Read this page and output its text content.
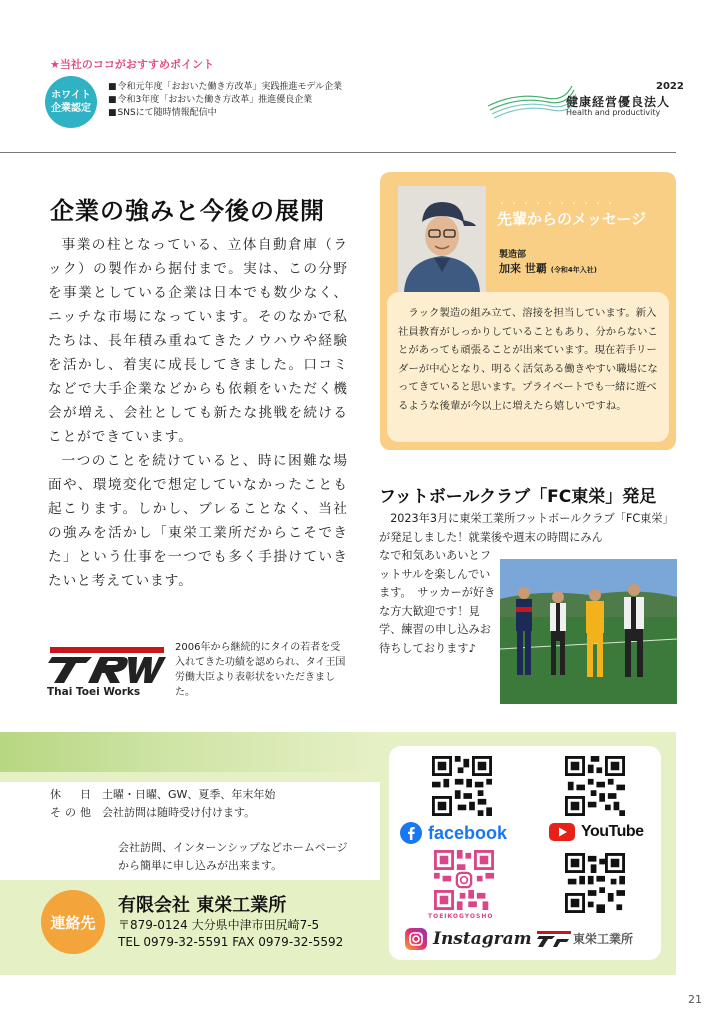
★当社のココがおすすめポイント
ホワイト
企業認定
■ 令和元年度「おおいた働き方改革」実践推進モデル企業
■ 令和3年度「おおいた働き方改革」推進優良企業
■ SNSにて随時情報配信中
2022
健康経営優良法人
Health and productivity
企業の強みと今後の展開

事業の柱となっている、立体自動倉庫（ラック）の製作から据付まで。実は、この分野を事業としている企業は日本でも数少なく、ニッチな市場になっています。そのなかで私たちは、長年積み重ねてきたノウハウや経験を活かし、着実に成長してきました。口コミなどで大手企業などからも依頼をいただく機会が増え、会社としても新たな挑戦を続けることができています。

一つのことを続けていると、時に困難な場面や、環境変化で想定していなかったことも起こります。しかし、ブレることなく、当社の強みを活かし「東栄工業所だからこそできた」という仕事を一つでも多く手掛けていきたいと考えています。

Thai Toei Works
2006年から継続的にタイの若者を受入れてきた功績を認められ、タイ王国労働大臣より表彰状をいただきました。
・・・・・・・・・・
先輩からのメッセージ
製造部
加来 世覇 (令和4年入社)

ラック製造の組み立て、溶接を担当しています。新入社員教育がしっかりしていることもあり、分からないことがあっても頑張ることが出来ています。現在若手リーダーが中心となり、明るく活気ある働きやすい職場になってきていると思います。プライベートでも一緒に遊べるような後輩が今以上に増えたら嬉しいですね。

フットボールクラブ「FC東栄」発足
2023年3月に東栄工業所フットボールクラブ「FC東栄」が発足しました！就業後や週末の時間にみん
なで和気あいあいとフットサルを楽しんでいます。　サッカーが好きな方大歓迎です！見学、練習の申し込みお待ちしております♪
休　日 土曜・日曜、GW、夏季、年末年始
その他 会社訪問は随時受け付けます。
会社訪問、インターンシップなどホームページから簡単に申し込みが出来ます。
連絡先
有限会社 東栄工業所
〒879-0124 大分県中津市田尻崎7-5
TEL 0979-32-5591 FAX 0979-32-5592
facebook	YouTube
TOEIKOGYOSHO
Instagram	東栄工業所
21
